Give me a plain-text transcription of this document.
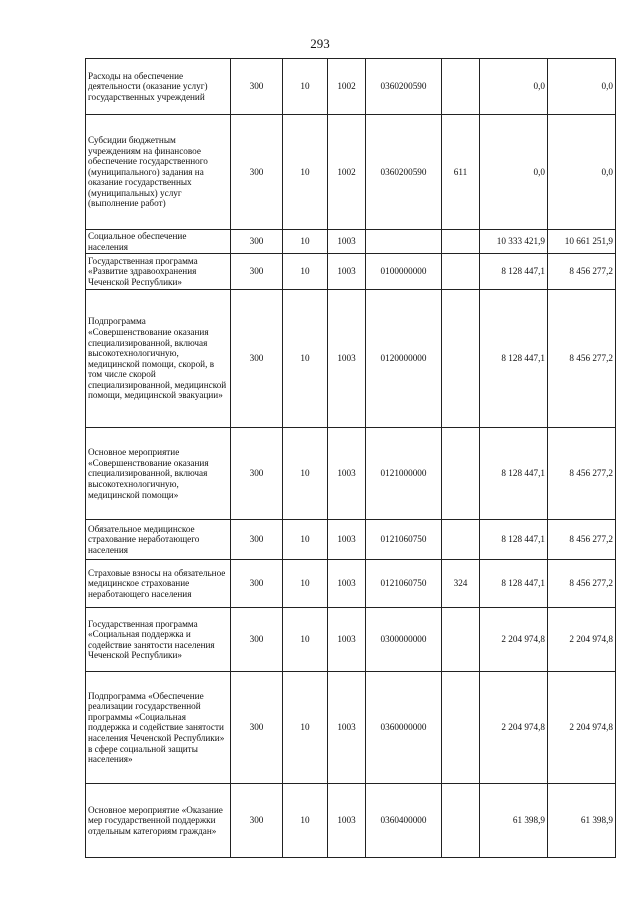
293
Расходы на обеспечение деятельности (оказание услуг) государственных учреждений	300	10	1002	0360200590		0,0	0,0
Субсидии бюджетным учреждениям на финансовое обеспечение государственного (муниципального) задания на оказание государственных (муниципальных) услуг (выполнение работ)	300	10	1002	0360200590	611	0,0	0,0
Социальное обеспечение населения	300	10	1003			10 333 421,9	10 661 251,9
Государственная программа «Развитие здравоохранения Чеченской Республики»	300	10	1003	0100000000		8 128 447,1	8 456 277,2
Подпрограмма «Совершенствование оказания специализированной, включая высокотехнологичную, медицинской помощи, скорой, в том числе скорой специализированной, медицинской помощи, медицинской эвакуации»	300	10	1003	0120000000		8 128 447,1	8 456 277,2
Основное мероприятие «Совершенствование оказания специализированной, включая высокотехнологичную, медицинской помощи»	300	10	1003	0121000000		8 128 447,1	8 456 277,2
Обязательное медицинское страхование неработающего населения	300	10	1003	0121060750		8 128 447,1	8 456 277,2
Страховые взносы на обязательное медицинское страхование неработающего населения	300	10	1003	0121060750	324	8 128 447,1	8 456 277,2
Государственная программа «Социальная поддержка и содействие занятости населения Чеченской Республики»	300	10	1003	0300000000		2 204 974,8	2 204 974,8
Подпрограмма «Обеспечение реализации государственной программы «Социальная поддержка и содействие занятости населения Чеченской Республики» в сфере социальной защиты населения»	300	10	1003	0360000000		2 204 974,8	2 204 974,8
Основное мероприятие «Оказание мер государственной поддержки отдельным категориям граждан»	300	10	1003	0360400000		61 398,9	61 398,9
